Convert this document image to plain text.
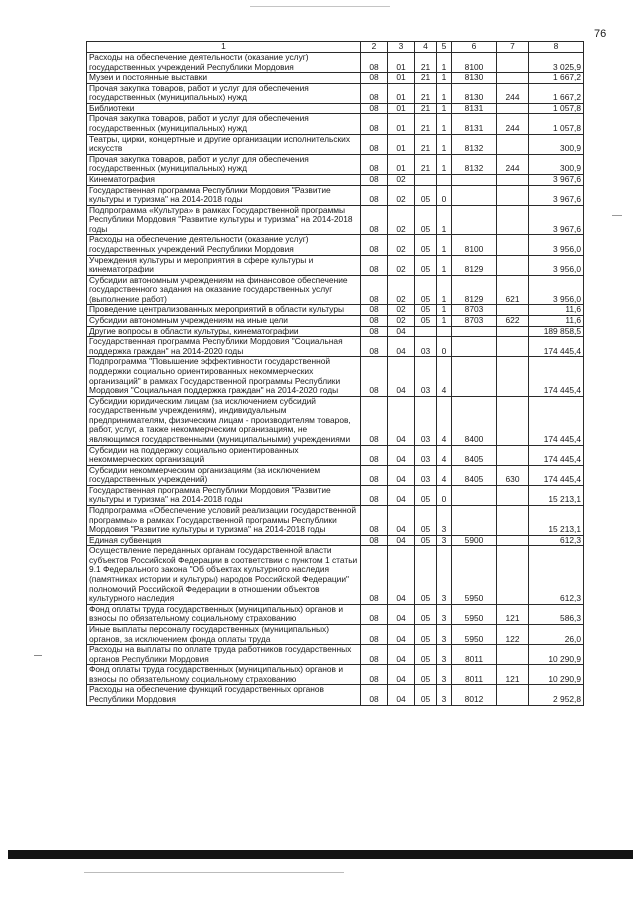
76
1	2	3	4	5	6	7	8
Расходы на обеспечение деятельности (оказание услуг) государственных учреждений Республики Мордовия	08	01	21	1	8100		3 025,9
Музеи и постоянные выставки	08	01	21	1	8130		1 667,2
Прочая закупка товаров, работ и услуг для обеспечения государственных (муниципальных) нужд	08	01	21	1	8130	244	1 667,2
Библиотеки	08	01	21	1	8131		1 057,8
Прочая закупка товаров, работ и услуг для обеспечения государственных (муниципальных) нужд	08	01	21	1	8131	244	1 057,8
Театры, цирки, концертные и другие организации исполнительских искусств	08	01	21	1	8132		300,9
Прочая закупка товаров, работ и услуг для обеспечения государственных (муниципальных) нужд	08	01	21	1	8132	244	300,9
Кинематография	08	02					3 967,6
Государственная программа Республики Мордовия "Развитие культуры и туризма" на 2014-2018 годы	08	02	05	0			3 967,6
Подпрограмма «Культура» в рамках Государственной программы Республики Мордовия "Развитие культуры и туризма" на 2014-2018 годы	08	02	05	1			3 967,6
Расходы на обеспечение деятельности (оказание услуг) государственных учреждений Республики Мордовия	08	02	05	1	8100		3 956,0
Учреждения культуры и мероприятия в сфере культуры и кинематографии	08	02	05	1	8129		3 956,0
Субсидии автономным учреждениям на финансовое обеспечение государственного задания на оказание государственных услуг (выполнение работ)	08	02	05	1	8129	621	3 956,0
Проведение централизованных мероприятий в области культуры	08	02	05	1	8703		11,6
Субсидии автономным учреждениям на иные цели	08	02	05	1	8703	622	11,6
Другие вопросы в области культуры, кинематографии	08	04					189 858,5
Государственная программа Республики Мордовия "Социальная поддержка граждан" на 2014-2020 годы	08	04	03	0			174 445,4
Подпрограмма "Повышение эффективности государственной поддержки социально ориентированных некоммерческих организаций" в рамках Государственной программы Республики Мордовия "Социальная поддержка граждан" на 2014-2020 годы	08	04	03	4			174 445,4
Субсидии юридическим лицам (за исключением субсидий государственным учреждениям), индивидуальным предпринимателям, физическим лицам - производителям товаров, работ, услуг, а также некоммерческим организациям, не являющимся государственными (муниципальными) учреждениями	08	04	03	4	8400		174 445,4
Субсидии на поддержку социально ориентированных некоммерческих организаций	08	04	03	4	8405		174 445,4
Субсидии некоммерческим организациям (за исключением государственных учреждений)	08	04	03	4	8405	630	174 445,4
Государственная программа Республики Мордовия "Развитие культуры и туризма" на 2014-2018 годы	08	04	05	0			15 213,1
Подпрограмма «Обеспечение условий реализации государственной программы» в рамках Государственной программы Республики Мордовия "Развитие культуры и туризма" на 2014-2018 годы	08	04	05	3			15 213,1
Единая субвенция	08	04	05	3	5900		612,3
Осуществление переданных органам государственной власти субъектов Российской Федерации в соответствии с пунктом 1 статьи 9.1 Федерального закона "Об объектах культурного наследия (памятниках истории и культуры) народов Российской Федерации" полномочий Российской Федерации в отношении объектов культурного наследия	08	04	05	3	5950		612,3
Фонд оплаты труда государственных (муниципальных) органов и взносы по обязательному социальному страхованию	08	04	05	3	5950	121	586,3
Иные выплаты персоналу государственных (муниципальных) органов, за исключением фонда оплаты труда	08	04	05	3	5950	122	26,0
Расходы на выплаты по оплате труда работников государственных органов Республики Мордовия	08	04	05	3	8011		10 290,9
Фонд оплаты труда государственных (муниципальных) органов и взносы по обязательному социальному страхованию	08	04	05	3	8011	121	10 290,9
Расходы на обеспечение функций государственных органов Республики Мордовия	08	04	05	3	8012		2 952,8
